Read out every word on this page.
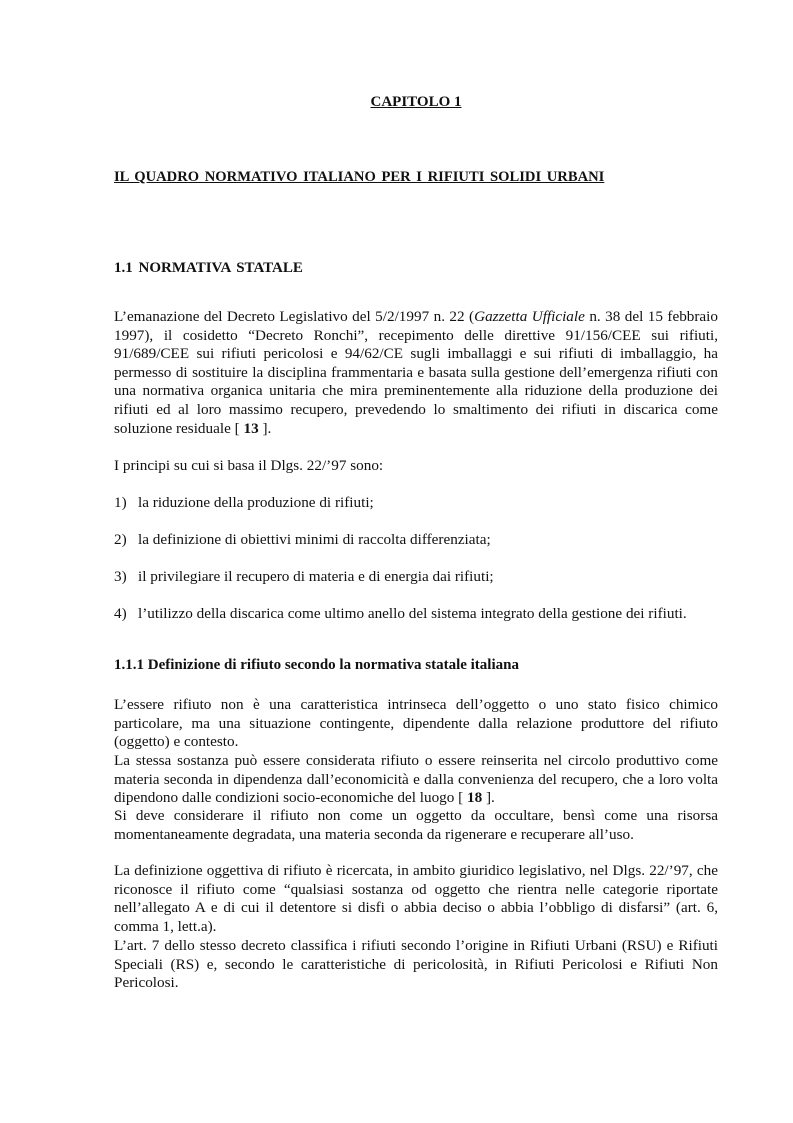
CAPITOLO 1
IL QUADRO NORMATIVO ITALIANO PER I RIFIUTI SOLIDI URBANI
1.1 NORMATIVA STATALE

L’emanazione del Decreto Legislativo del 5/2/1997 n. 22 (Gazzetta Ufficiale n. 38 del 15 febbraio 1997), il cosidetto “Decreto Ronchi”, recepimento delle direttive 91/156/CEE sui rifiuti, 91/689/CEE sui rifiuti pericolosi e 94/62/CE sugli imballaggi e sui rifiuti di imballaggio, ha permesso di sostituire la disciplina frammentaria e basata sulla gestione dell’emergenza rifiuti con una normativa organica unitaria che mira preminentemente alla riduzione della produzione dei rifiuti ed al loro massimo recupero, prevedendo lo smaltimento dei rifiuti in discarica come soluzione residuale [ 13 ].

I principi su cui si basa il Dlgs. 22/’97 sono:

1) la riduzione della produzione di rifiuti;
2) la definizione di obiettivi minimi di raccolta differenziata;
3) il privilegiare il recupero di materia e di energia dai rifiuti;
4) l’utilizzo della discarica come ultimo anello del sistema integrato della gestione dei rifiuti.
1.1.1 Definizione di rifiuto secondo la normativa statale italiana

L’essere rifiuto non è una caratteristica intrinseca dell’oggetto o uno stato fisico chimico particolare, ma una situazione contingente, dipendente dalla relazione produttore del rifiuto (oggetto) e contesto.

La stessa sostanza può essere considerata rifiuto o essere reinserita nel circolo produttivo come materia seconda in dipendenza dall’economicità e dalla convenienza del recupero, che a loro volta dipendono dalle condizioni socio-economiche del luogo [ 18 ].

Si deve considerare il rifiuto non come un oggetto da occultare, bensì come una risorsa momentaneamente degradata, una materia seconda da rigenerare e recuperare all’uso.

La definizione oggettiva di rifiuto è ricercata, in ambito giuridico legislativo, nel Dlgs. 22/’97, che riconosce il rifiuto come “qualsiasi sostanza od oggetto che rientra nelle categorie riportate nell’allegato A e di cui il detentore si disfi o abbia deciso o abbia l’obbligo di disfarsi” (art. 6, comma 1, lett.a).

L’art. 7 dello stesso decreto classifica i rifiuti secondo l’origine in Rifiuti Urbani (RSU) e Rifiuti Speciali (RS) e, secondo le caratteristiche di pericolosità, in Rifiuti Pericolosi e Rifiuti Non Pericolosi.
